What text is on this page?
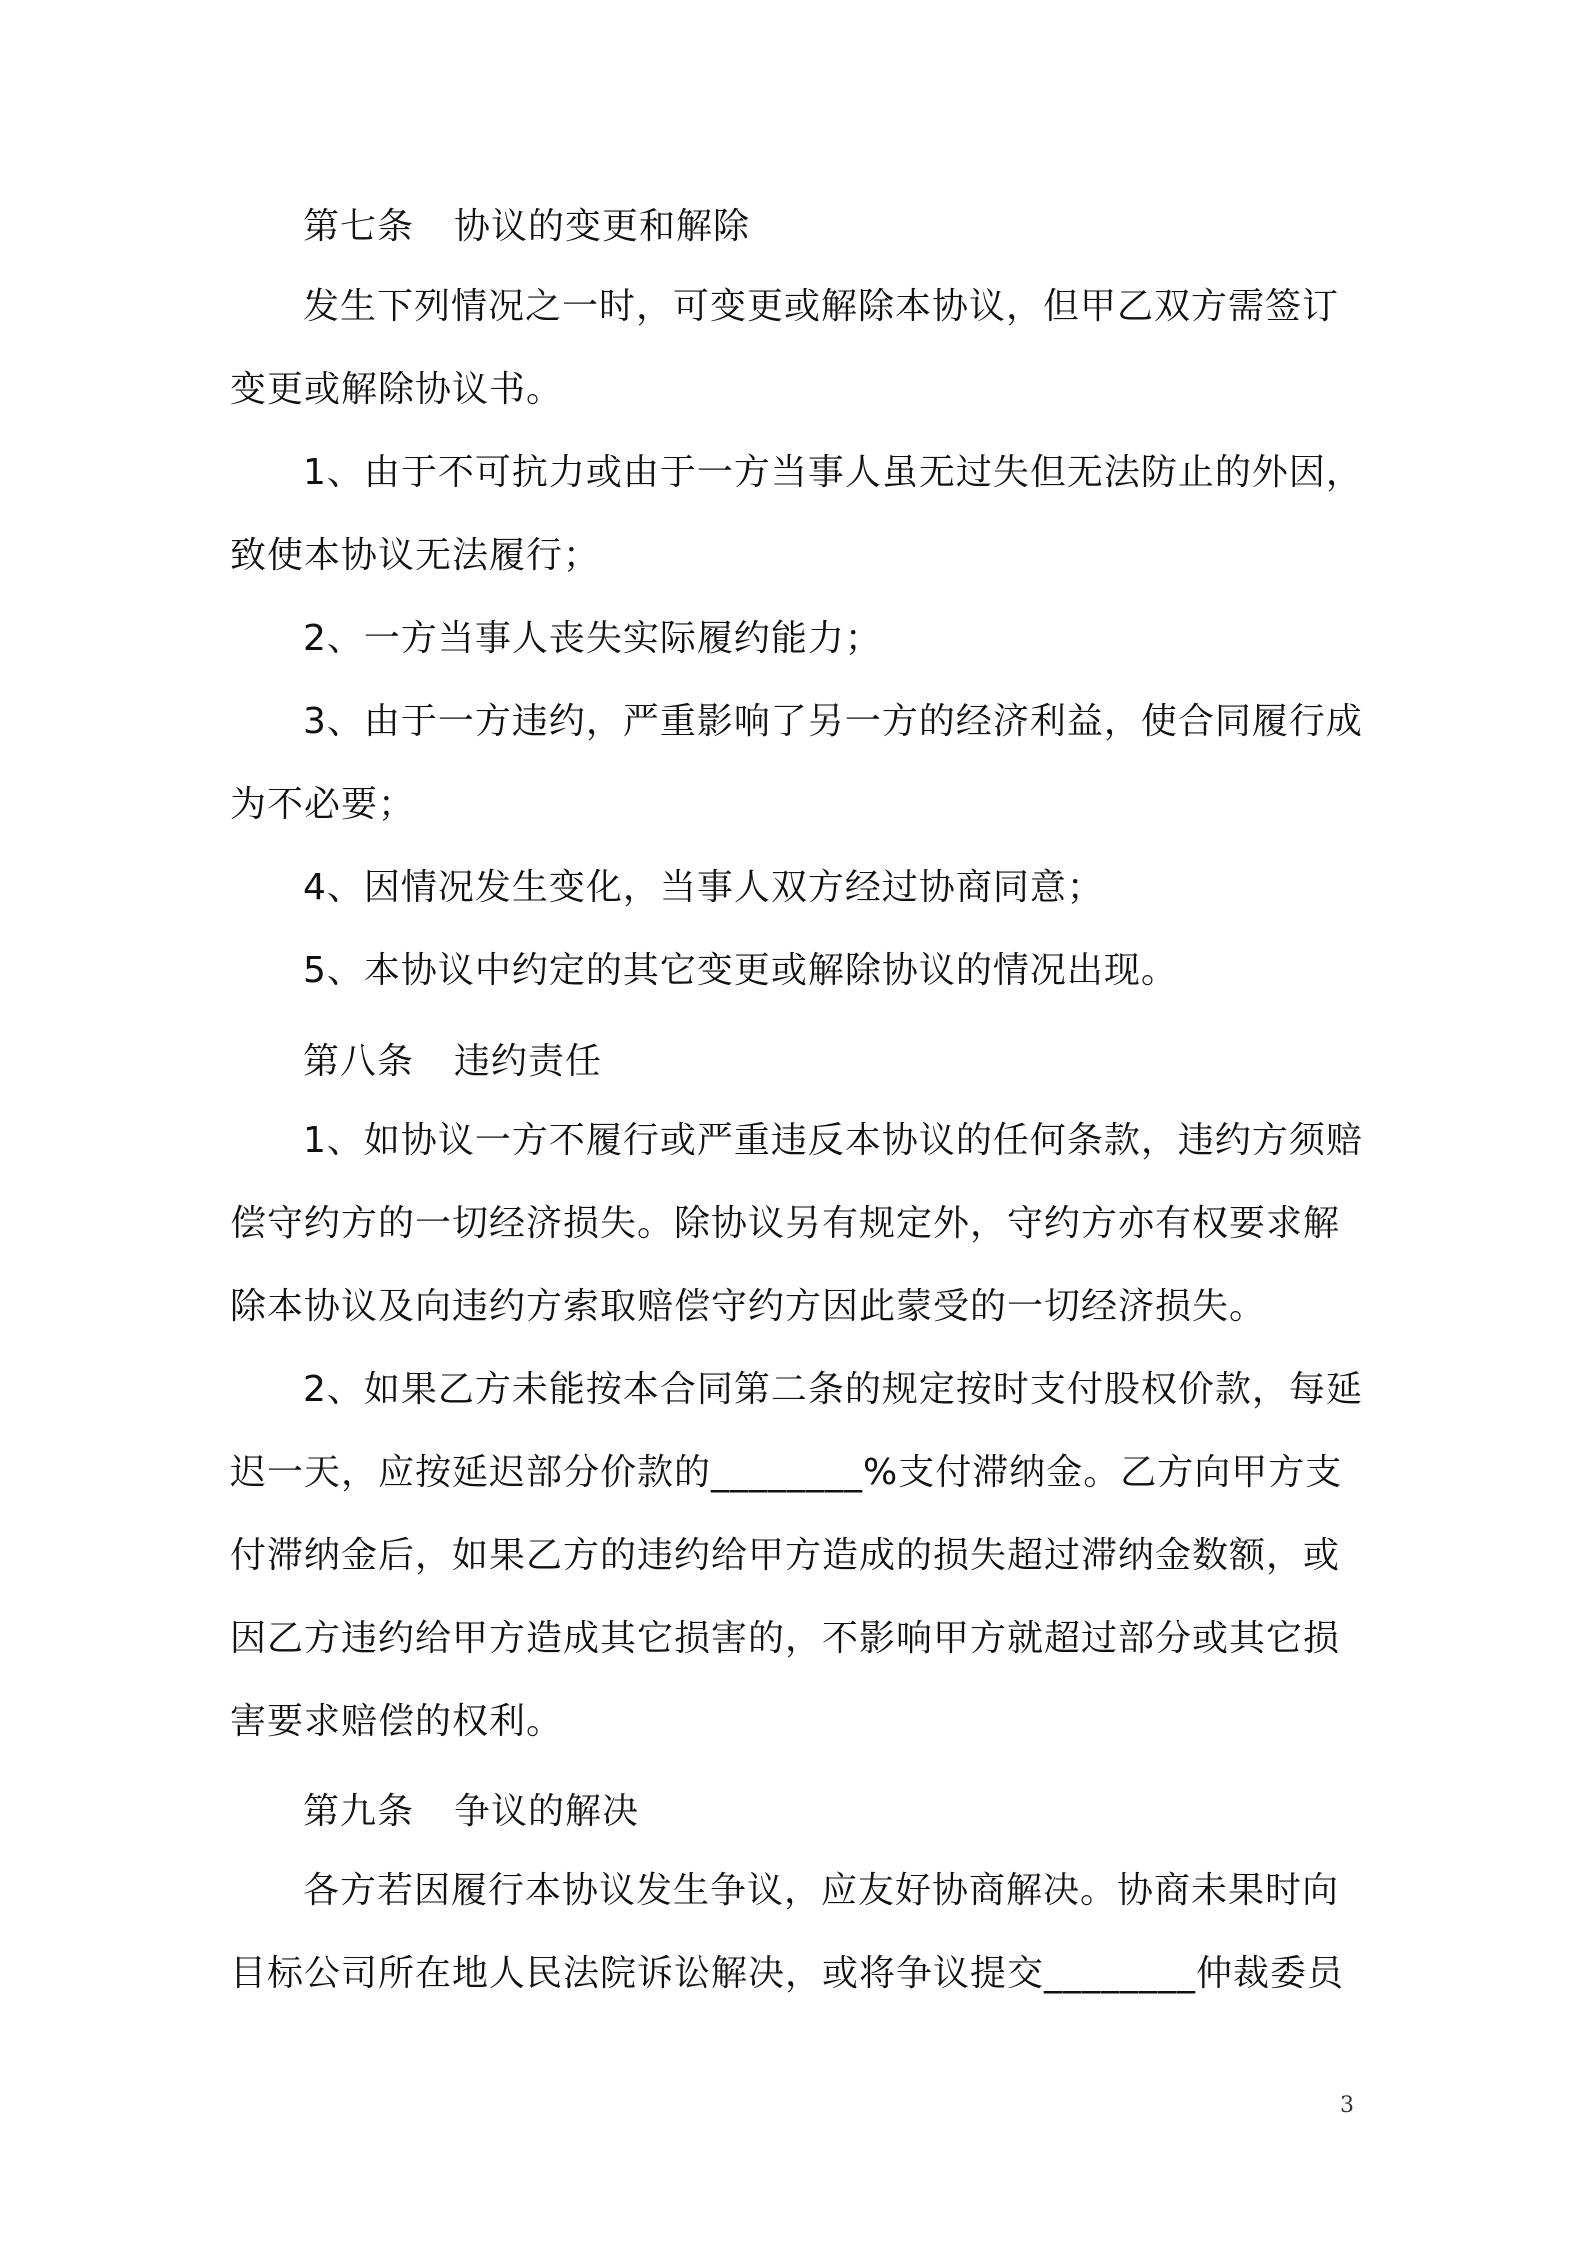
第七条 协议的变更和解除
发生下列情况之一时，可变更或解除本协议，但甲乙双方需签订
变更或解除协议书。
1、由于不可抗力或由于一方当事人虽无过失但无法防止的外因，
致使本协议无法履行；
2、一方当事人丧失实际履约能力；
3、由于一方违约，严重影响了另一方的经济利益，使合同履行成
为不必要；
4、因情况发生变化，当事人双方经过协商同意；
5、本协议中约定的其它变更或解除协议的情况出现。
第八条 违约责任
1、如协议一方不履行或严重违反本协议的任何条款，违约方须赔
偿守约方的一切经济损失。除协议另有规定外，守约方亦有权要求解
除本协议及向违约方索取赔偿守约方因此蒙受的一切经济损失。
2、如果乙方未能按本合同第二条的规定按时支付股权价款，每延
迟一天，应按延迟部分价款的________%支付滞纳金。乙方向甲方支
付滞纳金后，如果乙方的违约给甲方造成的损失超过滞纳金数额，或
因乙方违约给甲方造成其它损害的，不影响甲方就超过部分或其它损
害要求赔偿的权利。
第九条 争议的解决
各方若因履行本协议发生争议，应友好协商解决。协商未果时向
目标公司所在地人民法院诉讼解决，或将争议提交________仲裁委员
3
